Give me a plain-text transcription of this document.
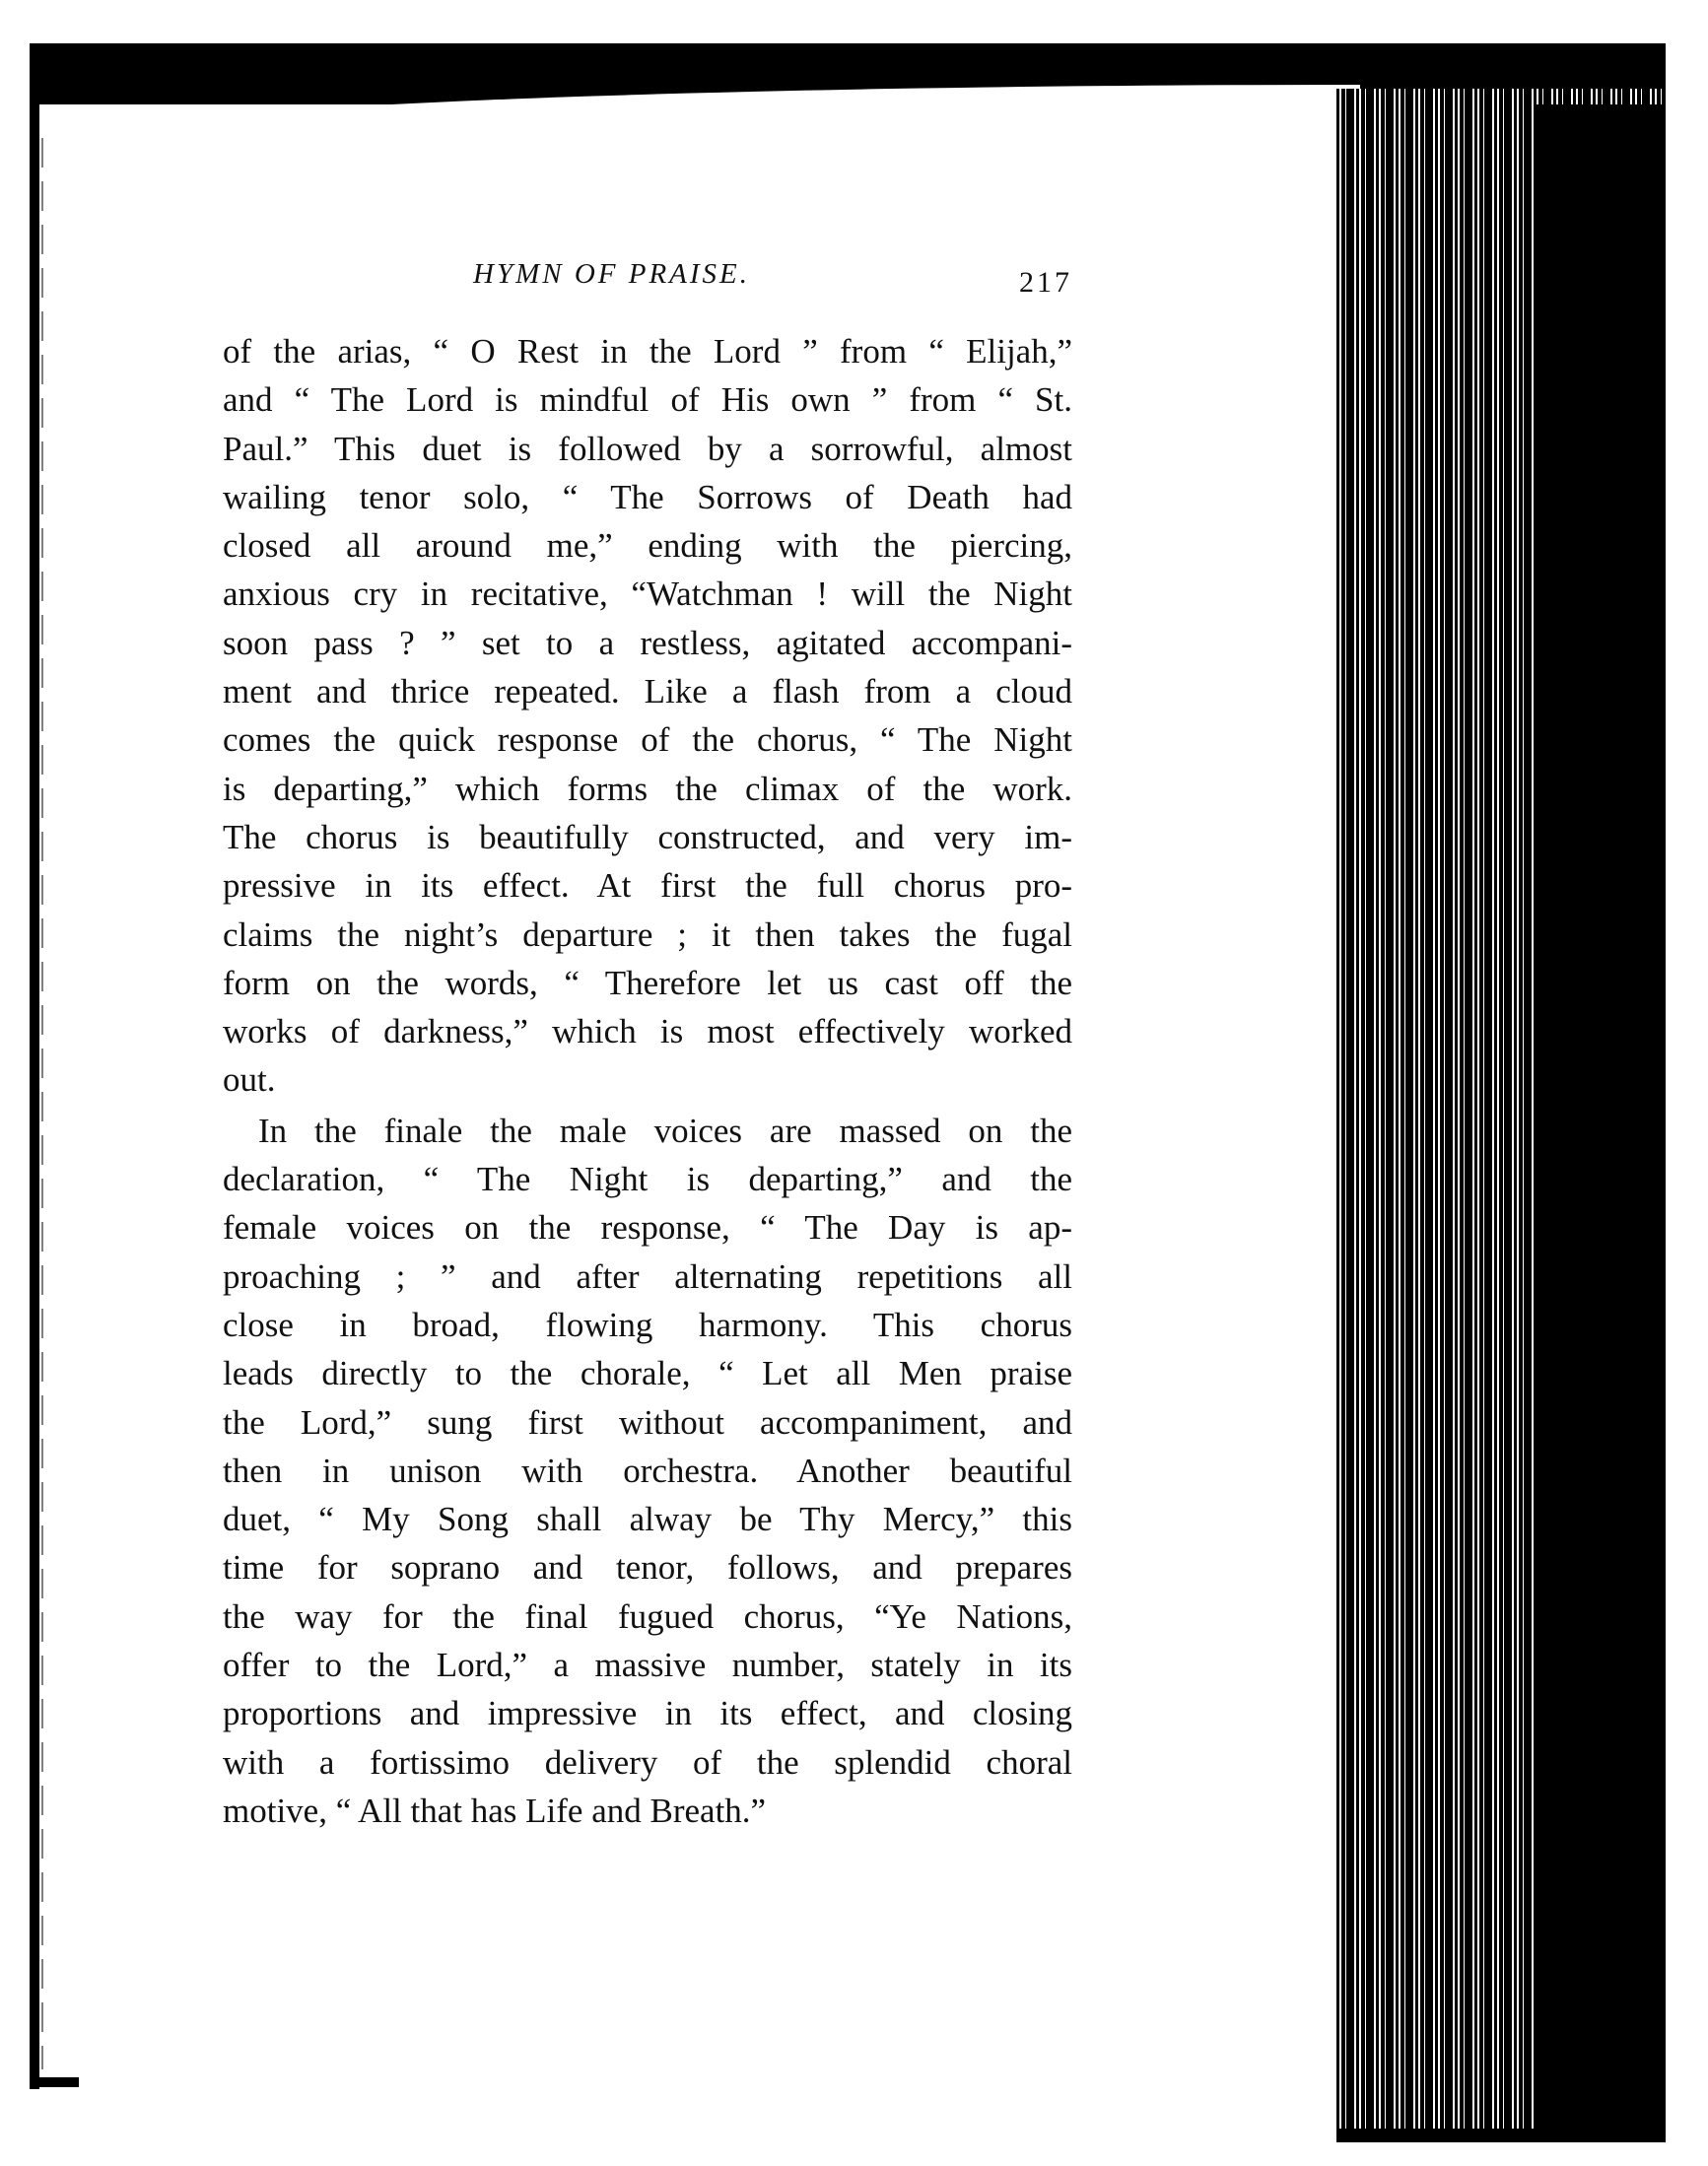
HYMN OF PRAISE.	217
of the arias, “ O Rest in the Lord ” from “ Elijah,”
and “ The Lord is mindful of His own ” from “ St.
Paul.” This duet is followed by a sorrowful, almost
wailing tenor solo, “ The Sorrows of Death had
closed all around me,” ending with the piercing,
anxious cry in recitative, “Watchman ! will the Night
soon pass ? ” set to a restless, agitated accompani-
ment and thrice repeated. Like a flash from a cloud
comes the quick response of the chorus, “ The Night
is departing,” which forms the climax of the work.
The chorus is beautifully constructed, and very im-
pressive in its effect. At first the full chorus pro-
claims the night’s departure ; it then takes the fugal
form on the words, “ Therefore let us cast off the
works of darkness,” which is most effectively worked
out.
In the finale the male voices are massed on the
declaration, “ The Night is departing,” and the
female voices on the response, “ The Day is ap-
proaching ; ” and after alternating repetitions all
close in broad, flowing harmony. This chorus
leads directly to the chorale, “ Let all Men praise
the Lord,” sung first without accompaniment, and
then in unison with orchestra. Another beautiful
duet, “ My Song shall alway be Thy Mercy,” this
time for soprano and tenor, follows, and prepares
the way for the final fugued chorus, “Ye Nations,
offer to the Lord,” a massive number, stately in its
proportions and impressive in its effect, and closing
with a fortissimo delivery of the splendid choral
motive, “ All that has Life and Breath.”
